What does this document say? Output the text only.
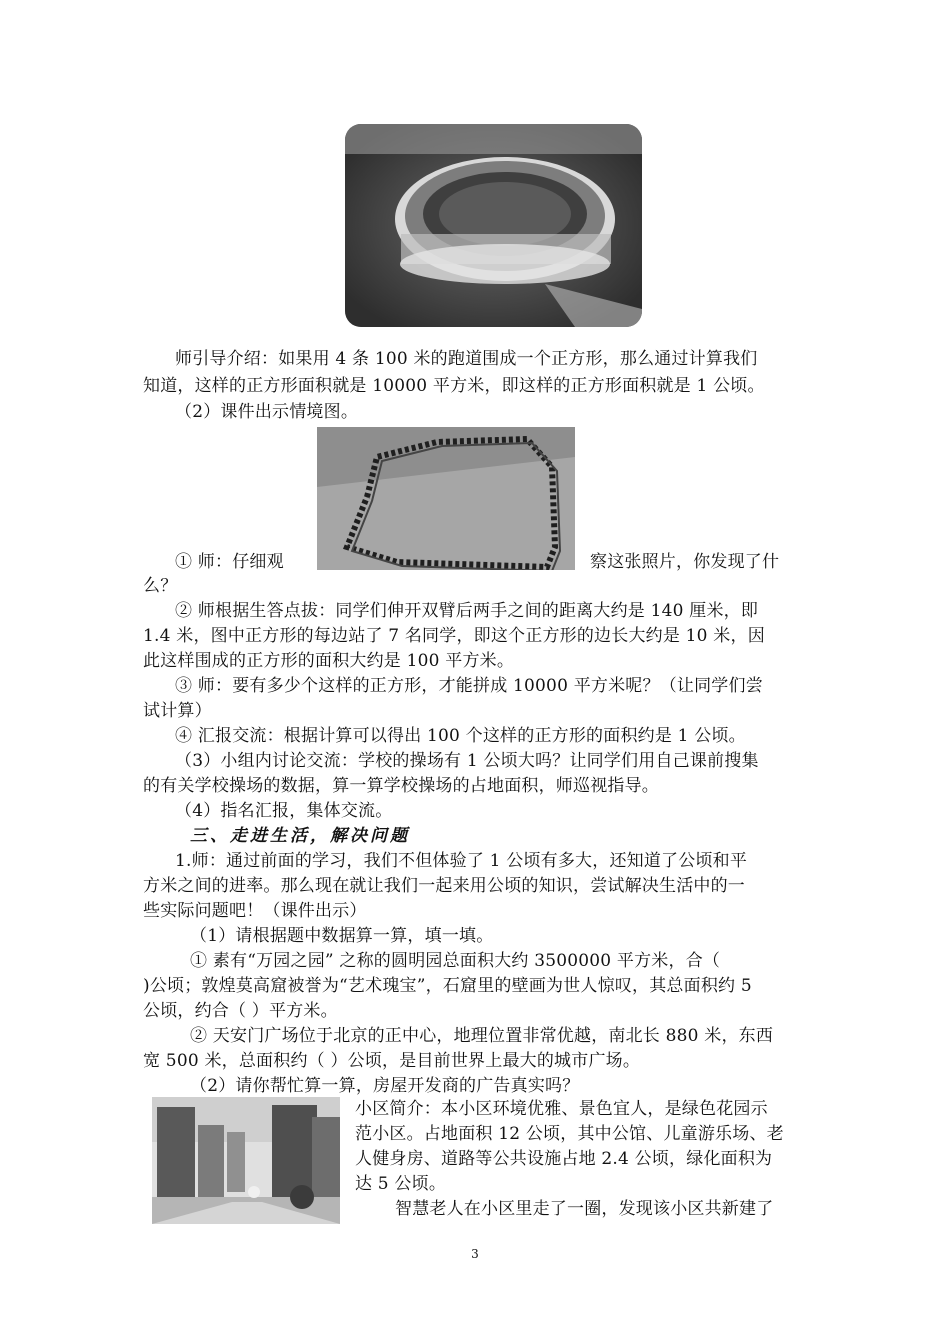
师引导介绍：如果用 4 条 100 米的跑道围成一个正方形，那么通过计算我们
知道，这样的正方形面积就是 10000 平方米，即这样的正方形面积就是 1 公顷。
（2）课件出示情境图。
① 师：仔细观	察这张照片，你发现了什
么？
② 师根据生答点拔：同学们伸开双臂后两手之间的距离大约是 140 厘米，即
1.4 米，图中正方形的每边站了 7 名同学，即这个正方形的边长大约是 10 米，因
此这样围成的正方形的面积大约是 100 平方米。
③ 师：要有多少个这样的正方形，才能拼成 10000 平方米呢？（让同学们尝
试计算）
④ 汇报交流：根据计算可以得出 100 个这样的正方形的面积约是 1 公顷。
（3）小组内讨论交流：学校的操场有 1 公顷大吗？让同学们用自己课前搜集
的有关学校操场的数据，算一算学校操场的占地面积，师巡视指导。
（4）指名汇报，集体交流。
三、走进生活，解决问题
1.师：通过前面的学习，我们不但体验了 1 公顷有多大，还知道了公顷和平
方米之间的进率。那么现在就让我们一起来用公顷的知识，尝试解决生活中的一
些实际问题吧！（课件出示）
（1）请根据题中数据算一算，填一填。
① 素有“万园之园” 之称的圆明园总面积大约 3500000 平方米，合（
)公顷；敦煌莫高窟被誉为“艺术瑰宝”，石窟里的壁画为世人惊叹，其总面积约 5
公顷，约合（ ）平方米。
② 天安门广场位于北京的正中心，地理位置非常优越，南北长 880 米，东西
宽 500 米，总面积约（ ）公顷，是目前世界上最大的城市广场。
（2）请你帮忙算一算，房屋开发商的广告真实吗？
小区简介：本小区环境优雅、景色宜人，是绿色花园示
范小区。占地面积 12 公顷，其中公馆、儿童游乐场、老
人健身房、道路等公共设施占地 2.4 公顷，绿化面积为
达 5 公顷。
智慧老人在小区里走了一圈，发现该小区共新建了
3
